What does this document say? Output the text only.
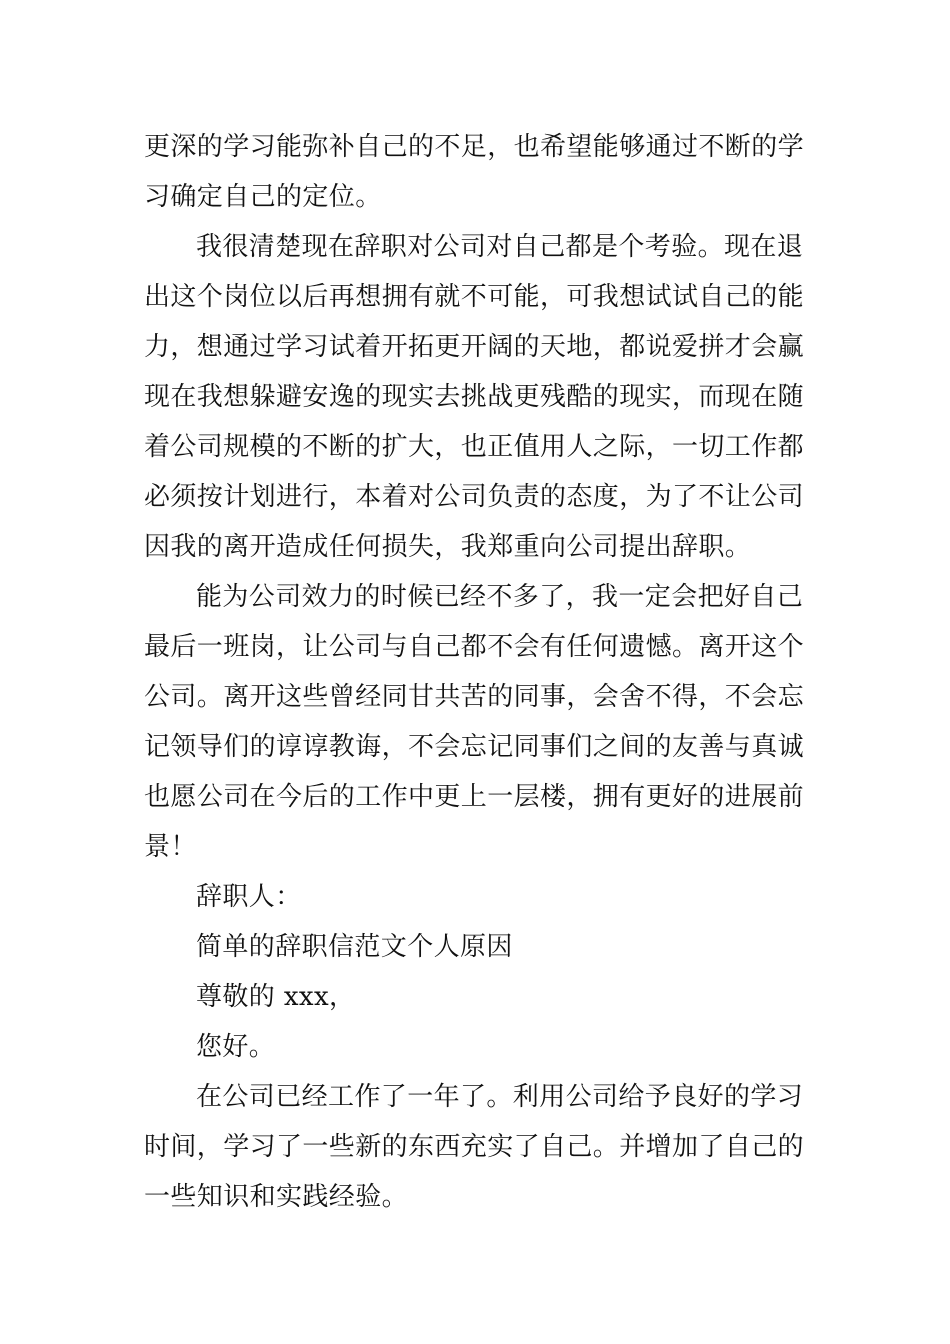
更深的学习能弥补自己的不足，也希望能够通过不断的学
习确定自己的定位。
我很清楚现在辞职对公司对自己都是个考验。现在退
出这个岗位以后再想拥有就不可能，可我想试试自己的能
力，想通过学习试着开拓更开阔的天地，都说爱拼才会赢
现在我想躲避安逸的现实去挑战更残酷的现实，而现在随
着公司规模的不断的扩大，也正值用人之际，一切工作都
必须按计划进行，本着对公司负责的态度，为了不让公司
因我的离开造成任何损失，我郑重向公司提出辞职。
能为公司效力的时候已经不多了，我一定会把好自己
最后一班岗，让公司与自己都不会有任何遗憾。离开这个
公司。离开这些曾经同甘共苦的同事，会舍不得，不会忘
记领导们的谆谆教诲，不会忘记同事们之间的友善与真诚
也愿公司在今后的工作中更上一层楼，拥有更好的进展前
景！
辞职人：
简单的辞职信范文个人原因
尊敬的 xxx，
您好。
在公司已经工作了一年了。利用公司给予良好的学习
时间，学习了一些新的东西充实了自己。并增加了自己的
一些知识和实践经验。
